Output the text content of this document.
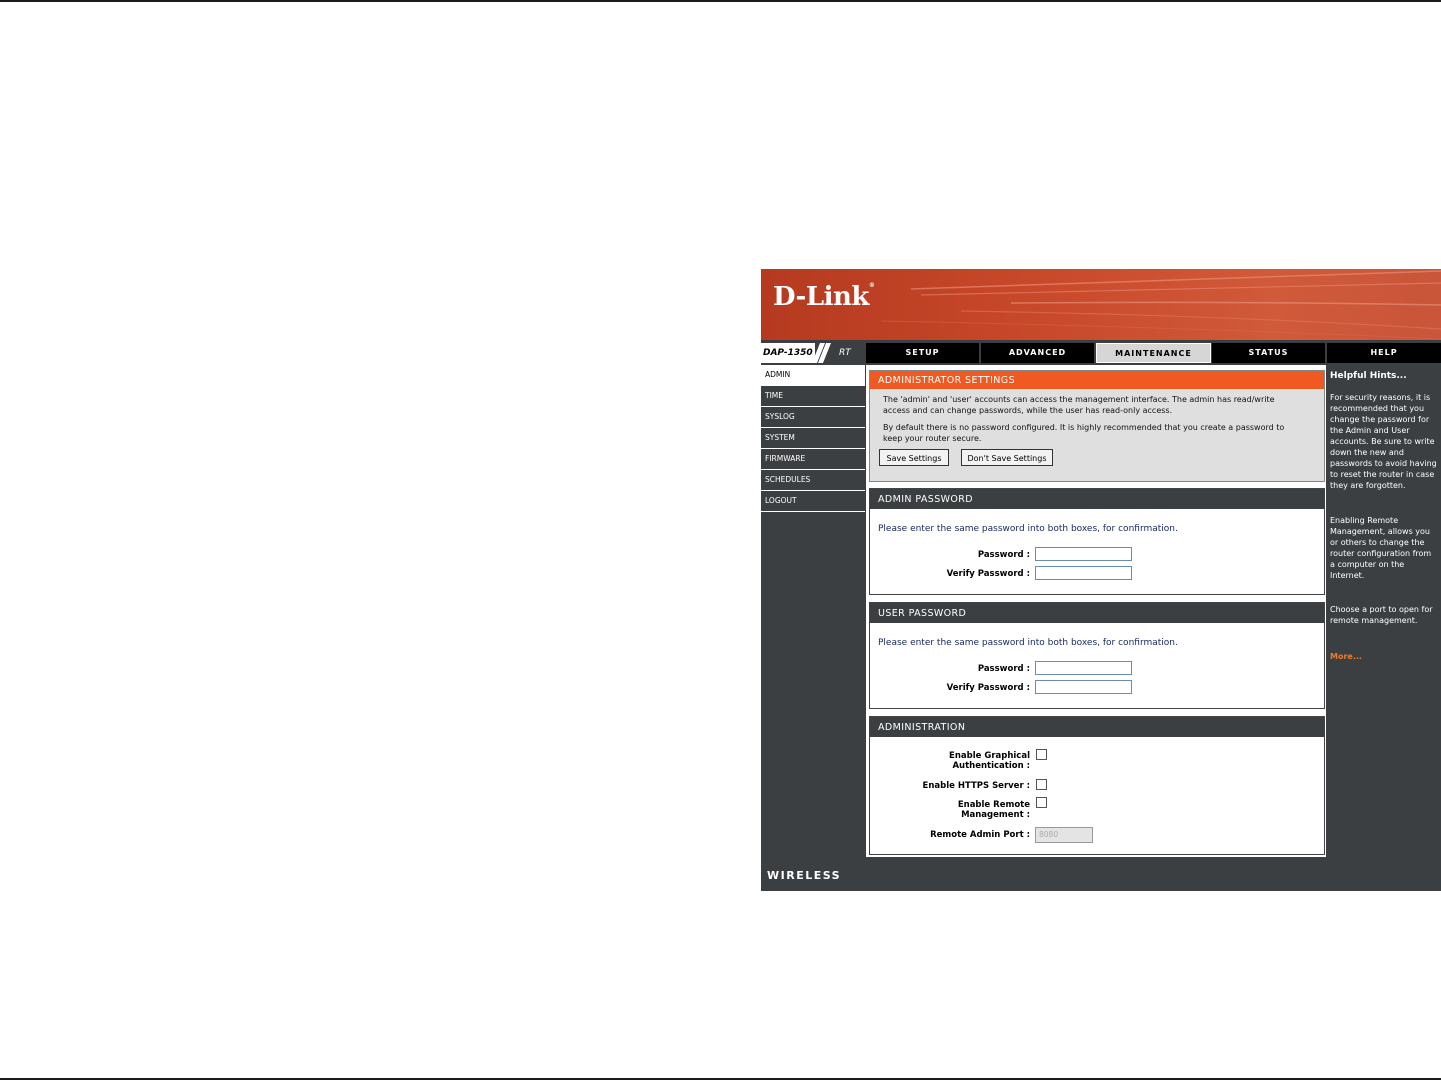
D-Link®
DAP-1350	RT	SETUP	ADVANCED	MAINTENANCE	STATUS	HELP
ADMIN
TIME
SYSLOG
SYSTEM
FIRMWARE
SCHEDULES
LOGOUT
ADMINISTRATOR SETTINGS
The 'admin' and 'user' accounts can access the management interface. The admin has read/write access and can change passwords, while the user has read-only access.
By default there is no password configured. It is highly recommended that you create a password to keep your router secure.
Save Settings	Don't Save Settings
ADMIN PASSWORD
Please enter the same password into both boxes, for confirmation.
Password :
Verify Password :
USER PASSWORD
Please enter the same password into both boxes, for confirmation.
Password :
Verify Password :
ADMINISTRATION
Enable Graphical
Authentication :
Enable HTTPS Server :
Enable Remote
Management :
Remote Admin Port :	8080
Helpful Hints...
For security reasons, it is recommended that you change the password for the Admin and User accounts. Be sure to write down the new and passwords to avoid having to reset the router in case they are forgotten.
Enabling Remote Management, allows you or others to change the router configuration from a computer on the Internet.
Choose a port to open for remote management.
More...
WIRELESS
